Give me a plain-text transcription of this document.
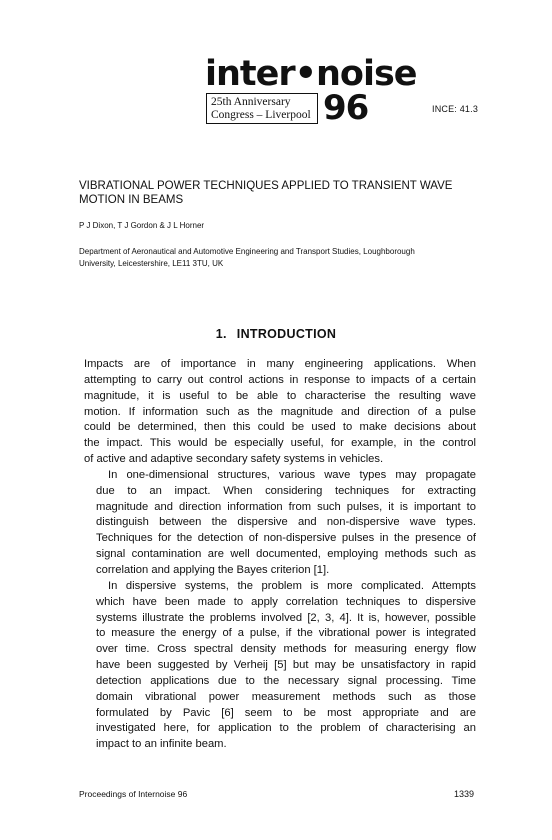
inter•noise
25th Anniversary
Congress – Liverpool 96	INCE: 41.3
VIBRATIONAL POWER TECHNIQUES APPLIED TO TRANSIENT WAVE
MOTION IN BEAMS
P J Dixon, T J Gordon & J L Horner
Department of Aeronautical and Automotive Engineering and Transport Studies, Loughborough
University, Leicestershire, LE11 3TU, UK
1. INTRODUCTION
Impacts are of importance in many engineering applications. When
attempting to carry out control actions in response to impacts of a certain
magnitude, it is useful to be able to characterise the resulting wave
motion. If information such as the magnitude and direction of a pulse
could be determined, then this could be used to make decisions about
the impact. This would be especially useful, for example, in the control
of active and adaptive secondary safety systems in vehicles.
In one-dimensional structures, various wave types may propagate
due to an impact. When considering techniques for extracting
magnitude and direction information from such pulses, it is important to
distinguish between the dispersive and non-dispersive wave types.
Techniques for the detection of non-dispersive pulses in the presence of
signal contamination are well documented, employing methods such as
correlation and applying the Bayes criterion [1].
In dispersive systems, the problem is more complicated. Attempts
which have been made to apply correlation techniques to dispersive
systems illustrate the problems involved [2, 3, 4]. It is, however, possible
to measure the energy of a pulse, if the vibrational power is integrated
over time. Cross spectral density methods for measuring energy flow
have been suggested by Verheij [5] but may be unsatisfactory in rapid
detection applications due to the necessary signal processing. Time
domain vibrational power measurement methods such as those
formulated by Pavic [6] seem to be most appropriate and are
investigated here, for application to the problem of characterising an
impact to an infinite beam.
Proceedings of Internoise 96	1339
